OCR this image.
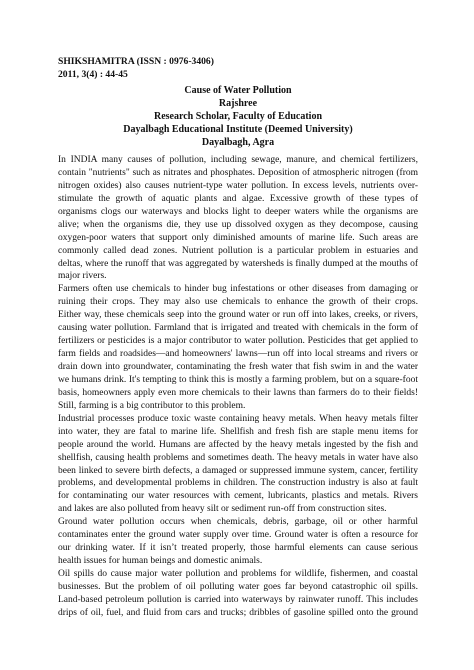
SHIKSHAMITRA (ISSN : 0976-3406)
2011, 3(4) : 44-45
Cause of Water Pollution
Rajshree
Research Scholar, Faculty of Education
Dayalbagh Educational Institute (Deemed University)
Dayalbagh, Agra
In INDIA many causes of pollution, including sewage, manure, and chemical fertilizers,
contain "nutrients" such as nitrates and phosphates. Deposition of atmospheric nitrogen (from
nitrogen oxides) also causes nutrient-type water pollution. In excess levels, nutrients over-
stimulate the growth of aquatic plants and algae. Excessive growth of these types of
organisms clogs our waterways and blocks light to deeper waters while the organisms are
alive; when the organisms die, they use up dissolved oxygen as they decompose, causing
oxygen-poor waters that support only diminished amounts of marine life. Such areas are
commonly called dead zones. Nutrient pollution is a particular problem in estuaries and
deltas, where the runoff that was aggregated by watersheds is finally dumped at the mouths of
major rivers.
Farmers often use chemicals to hinder bug infestations or other diseases from damaging or
ruining their crops. They may also use chemicals to enhance the growth of their crops.
Either way, these chemicals seep into the ground water or run off into lakes, creeks, or rivers,
causing water pollution. Farmland that is irrigated and treated with chemicals in the form of
fertilizers or pesticides is a major contributor to water pollution. Pesticides that get applied to
farm fields and roadsides—and homeowners' lawns—run off into local streams and rivers or
drain down into groundwater, contaminating the fresh water that fish swim in and the water
we humans drink. It's tempting to think this is mostly a farming problem, but on a square-foot
basis, homeowners apply even more chemicals to their lawns than farmers do to their fields!
Still, farming is a big contributor to this problem.
Industrial processes produce toxic waste containing heavy metals. When heavy metals filter
into water, they are fatal to marine life. Shellfish and fresh fish are staple menu items for
people around the world. Humans are affected by the heavy metals ingested by the fish and
shellfish, causing health problems and sometimes death. The heavy metals in water have also
been linked to severe birth defects, a damaged or suppressed immune system, cancer, fertility
problems, and developmental problems in children. The construction industry is also at fault
for contaminating our water resources with cement, lubricants, plastics and metals. Rivers
and lakes are also polluted from heavy silt or sediment run-off from construction sites.
Ground water pollution occurs when chemicals, debris, garbage, oil or other harmful
contaminates enter the ground water supply over time. Ground water is often a resource for
our drinking water. If it isn’t treated properly, those harmful elements can cause serious
health issues for human beings and domestic animals.
Oil spills do cause major water pollution and problems for wildlife, fishermen, and coastal
businesses. But the problem of oil polluting water goes far beyond catastrophic oil spills.
Land-based petroleum pollution is carried into waterways by rainwater runoff. This includes
drips of oil, fuel, and fluid from cars and trucks; dribbles of gasoline spilled onto the ground
